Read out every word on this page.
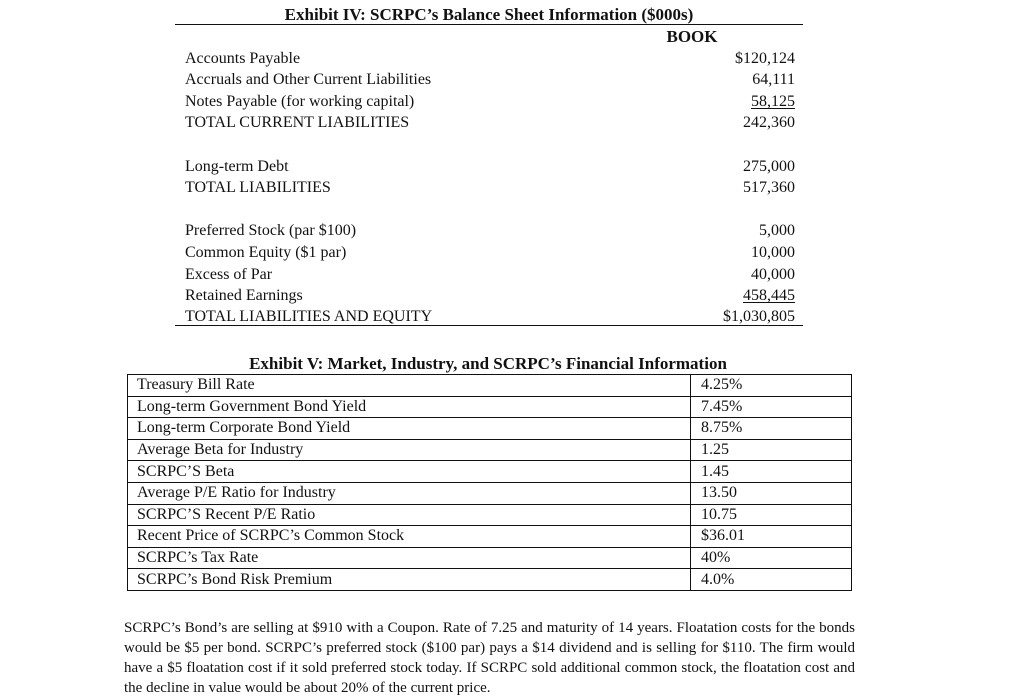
Exhibit IV: SCRPC’s Balance Sheet Information ($000s)
BOOK
Accounts Payable	$120,124
Accruals and Other Current Liabilities	64,111
Notes Payable (for working capital)	58,125
TOTAL CURRENT LIABILITIES	242,360
Long-term Debt	275,000
TOTAL LIABILITIES	517,360
Preferred Stock (par $100)	5,000
Common Equity ($1 par)	10,000
Excess of Par	40,000
Retained Earnings	458,445
TOTAL LIABILITIES AND EQUITY	$1,030,805
Exhibit V: Market, Industry, and SCRPC’s Financial Information
Treasury Bill Rate	4.25%
Long-term Government Bond Yield	7.45%
Long-term Corporate Bond Yield	8.75%
Average Beta for Industry	1.25
SCRPC’S Beta	1.45
Average P/E Ratio for Industry	13.50
SCRPC’S Recent P/E Ratio	10.75
Recent Price of SCRPC’s Common Stock	$36.01
SCRPC’s Tax Rate	40%
SCRPC’s Bond Risk Premium	4.0%

SCRPC’s Bond’s are selling at $910 with a Coupon. Rate of 7.25 and maturity of 14 years. Floatation costs for the bonds would be $5 per bond. SCRPC’s preferred stock ($100 par) pays a $14 dividend and is selling for $110. The firm would have a $5 floatation cost if it sold preferred stock today. If SCRPC sold additional common stock, the floatation cost and the decline in value would be about 20% of the current price.
